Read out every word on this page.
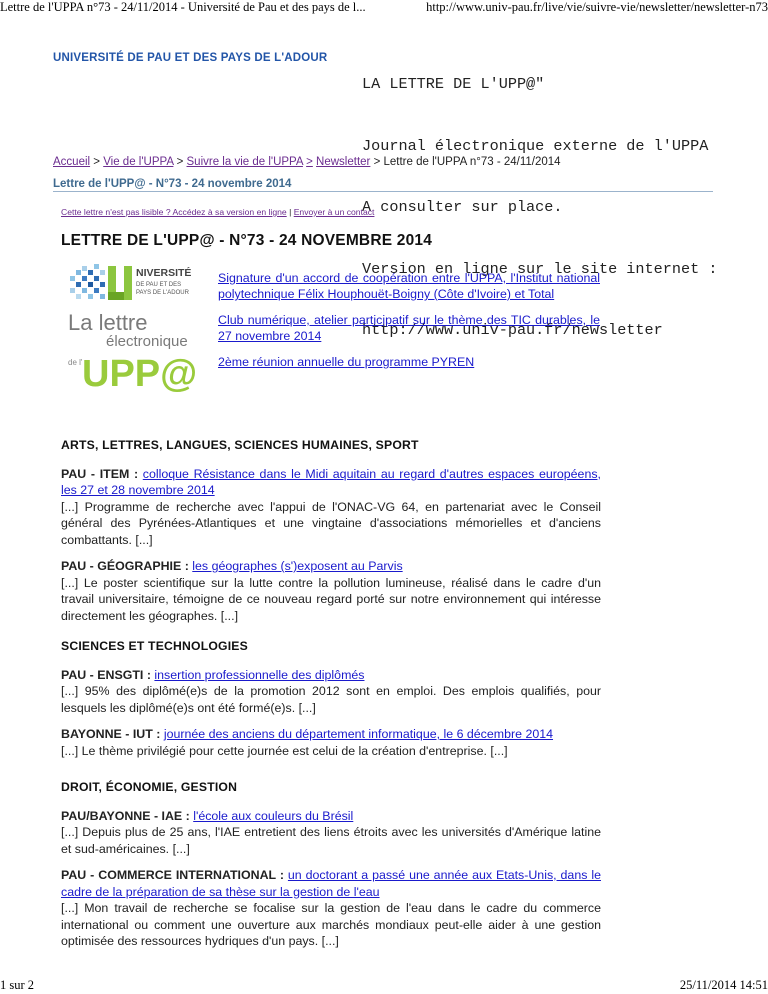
Lettre de l'UPPA n°73 - 24/11/2014 - Université de Pau et des pays de l...	http://www.univ-pau.fr/live/vie/suivre-vie/newsletter/newsletter-n73
UNIVERSITÉ DE PAU ET DES PAYS DE L'ADOUR

LA LETTRE DE L'UPP@"

Journal électronique externe de l'UPPA

A consulter sur place.

Version en ligne sur le site internet :

http://www.univ-pau.fr/newsletter

Accueil > Vie de l'UPPA > Suivre la vie de l'UPPA > Newsletter > Lettre de l'UPPA n°73 - 24/11/2014
Lettre de l'UPP@ - N°73 - 24 novembre 2014
Cette lettre n'est pas lisible ? Accédez à sa version en ligne | Envoyer à un contact
LETTRE DE L'UPP@ - N°73 - 24 NOVEMBRE 2014
NIVERSITÉ
DE PAU ET DES
PAYS DE L'ADOUR
La lettre
électronique
de l' UPP@
Signature d'un accord de coopération entre l'UPPA, l'Institut national polytechnique Félix Houphouët-Boigny (Côte d'Ivoire) et Total
Club numérique, atelier participatif sur le thème des TIC durables, le 27 novembre 2014
2ème réunion annuelle du programme PYREN
ARTS, LETTRES, LANGUES, SCIENCES HUMAINES, SPORT
PAU - ITEM : colloque Résistance dans le Midi aquitain au regard d'autres espaces européens, les 27 et 28 novembre 2014
[...] Programme de recherche avec l'appui de l'ONAC-VG 64, en partenariat avec le Conseil général des Pyrénées-Atlantiques et une vingtaine d'associations mémorielles et d'anciens combattants. [...]
PAU - GÉOGRAPHIE : les géographes (s')exposent au Parvis
[...] Le poster scientifique sur la lutte contre la pollution lumineuse, réalisé dans le cadre d'un travail universitaire, témoigne de ce nouveau regard porté sur notre environnement qui intéresse directement les géographes. [...]
SCIENCES ET TECHNOLOGIES
PAU - ENSGTI : insertion professionnelle des diplômés
[...] 95% des diplômé(e)s de la promotion 2012 sont en emploi. Des emplois qualifiés, pour lesquels les diplômé(e)s ont été formé(e)s. [...]
BAYONNE - IUT : journée des anciens du département informatique, le 6 décembre 2014
[...] Le thème privilégié pour cette journée est celui de la création d'entreprise. [...]
DROIT, ÉCONOMIE, GESTION
PAU/BAYONNE - IAE : l'école aux couleurs du Brésil
[...] Depuis plus de 25 ans, l'IAE entretient des liens étroits avec les universités d'Amérique latine et sud-américaines. [...]
PAU - COMMERCE INTERNATIONAL : un doctorant a passé une année aux Etats-Unis, dans le cadre de la préparation de sa thèse sur la gestion de l'eau
[...] Mon travail de recherche se focalise sur la gestion de l'eau dans le cadre du commerce international ou comment une ouverture aux marchés mondiaux peut-elle aider à une gestion optimisée des ressources hydriques d'un pays. [...]
1 sur 2	25/11/2014 14:51
